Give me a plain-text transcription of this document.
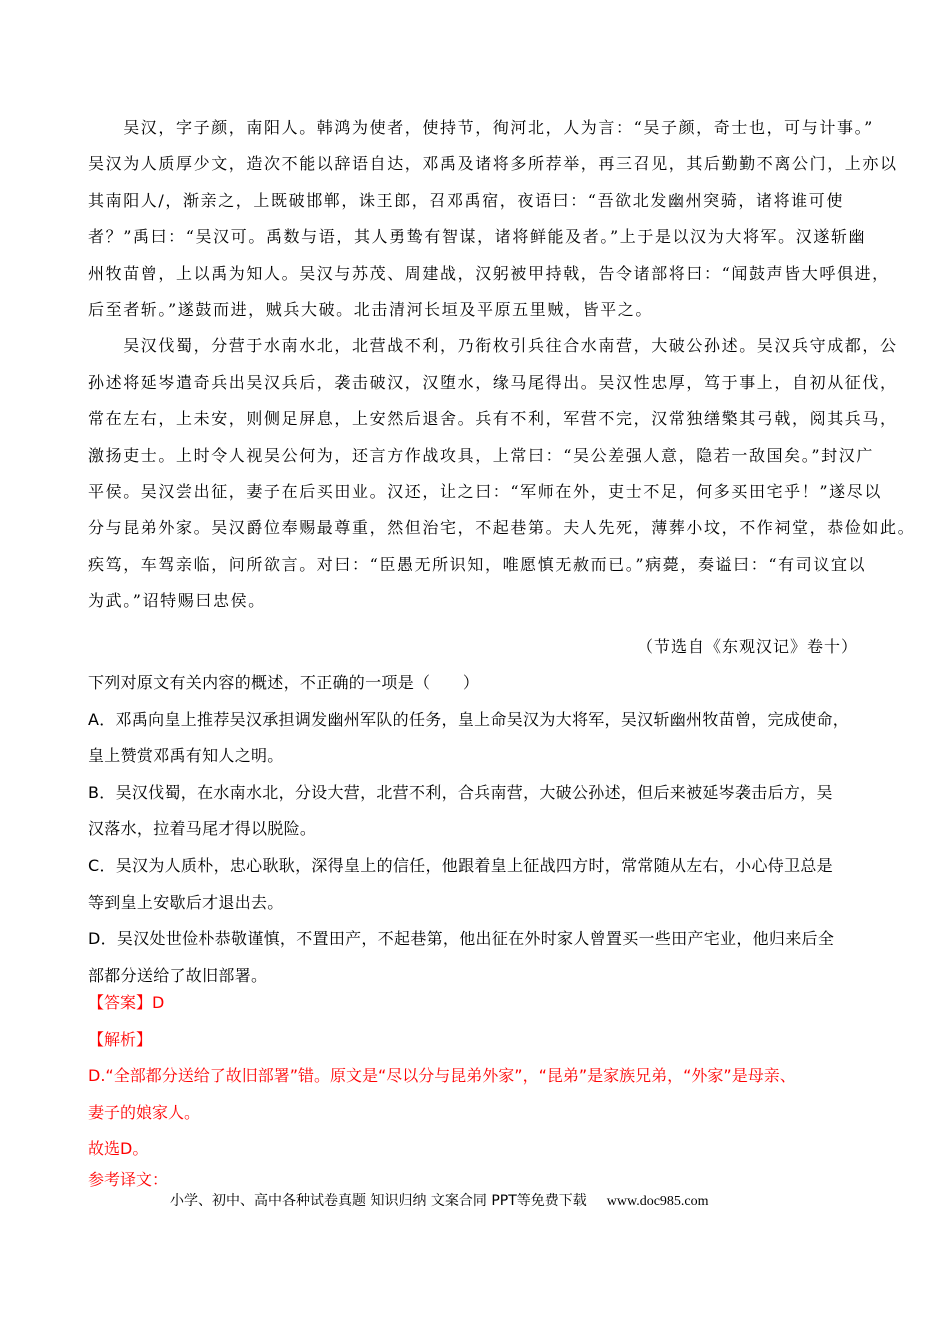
　　吴汉，字子颜，南阳人。韩鸿为使者，使持节，徇河北，人为言：“吴子颜，奇士也，可与计事。”
吴汉为人质厚少文，造次不能以辞语自达，邓禹及诸将多所荐举，再三召见，其后勤勤不离公门，上亦以
其南阳人/，渐亲之，上既破邯郸，诛王郎，召邓禹宿，夜语曰：“吾欲北发幽州突骑，诸将谁可使
者？”禹曰：“吴汉可。禹数与语，其人勇鸷有智谋，诸将鲜能及者。”上于是以汉为大将军。汉遂斩幽
州牧苗曾，上以禹为知人。吴汉与苏茂、周建战，汉躬被甲持戟，告令诸部将曰：“闻鼓声皆大呼俱进，
后至者斩。”遂鼓而进，贼兵大破。北击清河长垣及平原五里贼，皆平之。
　　吴汉伐蜀，分营于水南水北，北营战不利，乃衔枚引兵往合水南营，大破公孙述。吴汉兵守成都，公
孙述将延岑遣奇兵出吴汉兵后，袭击破汉，汉堕水，缘马尾得出。吴汉性忠厚，笃于事上，自初从征伐，
常在左右，上未安，则侧足屏息，上安然后退舍。兵有不利，军营不完，汉常独缮檠其弓戟，阅其兵马，
激扬吏士。上时令人视吴公何为，还言方作战攻具，上常曰：“吴公差强人意，隐若一敌国矣。”封汉广
平侯。吴汉尝出征，妻子在后买田业。汉还，让之曰：“军师在外，吏士不足，何多买田宅乎！”遂尽以
分与昆弟外家。吴汉爵位奉赐最尊重，然但治宅，不起巷第。夫人先死，薄葬小坟，不作祠堂，恭俭如此。
疾笃，车驾亲临，问所欲言。对曰：“臣愚无所识知，唯愿慎无赦而已。”病薨，奏谥曰：“有司议宜以
为武。”诏特赐曰忠侯。
（节选自《东观汉记》卷十）

下列对原文有关内容的概述，不正确的一项是（　　）

A．邓禹向皇上推荐吴汉承担调发幽州军队的任务，皇上命吴汉为大将军，吴汉斩幽州牧苗曾，完成使命，

皇上赞赏邓禹有知人之明。

B．吴汉伐蜀，在水南水北，分设大营，北营不利，合兵南营，大破公孙述，但后来被延岑袭击后方，吴

汉落水，拉着马尾才得以脱险。

C．吴汉为人质朴，忠心耿耿，深得皇上的信任，他跟着皇上征战四方时，常常随从左右，小心侍卫总是

等到皇上安歇后才退出去。

D．吴汉处世俭朴恭敬谨慎，不置田产，不起巷第，他出征在外时家人曾置买一些田产宅业，他归来后全

部都分送给了故旧部署。

【答案】D

【解析】

D.“全部都分送给了故旧部署”错。原文是“尽以分与昆弟外家”，“昆弟”是家族兄弟，“外家”是母亲、

妻子的娘家人。

故选D。

参考译文：

小学、初中、高中各种试卷真题 知识归纳 文案合同 PPT等免费下载 www.doc985.com
